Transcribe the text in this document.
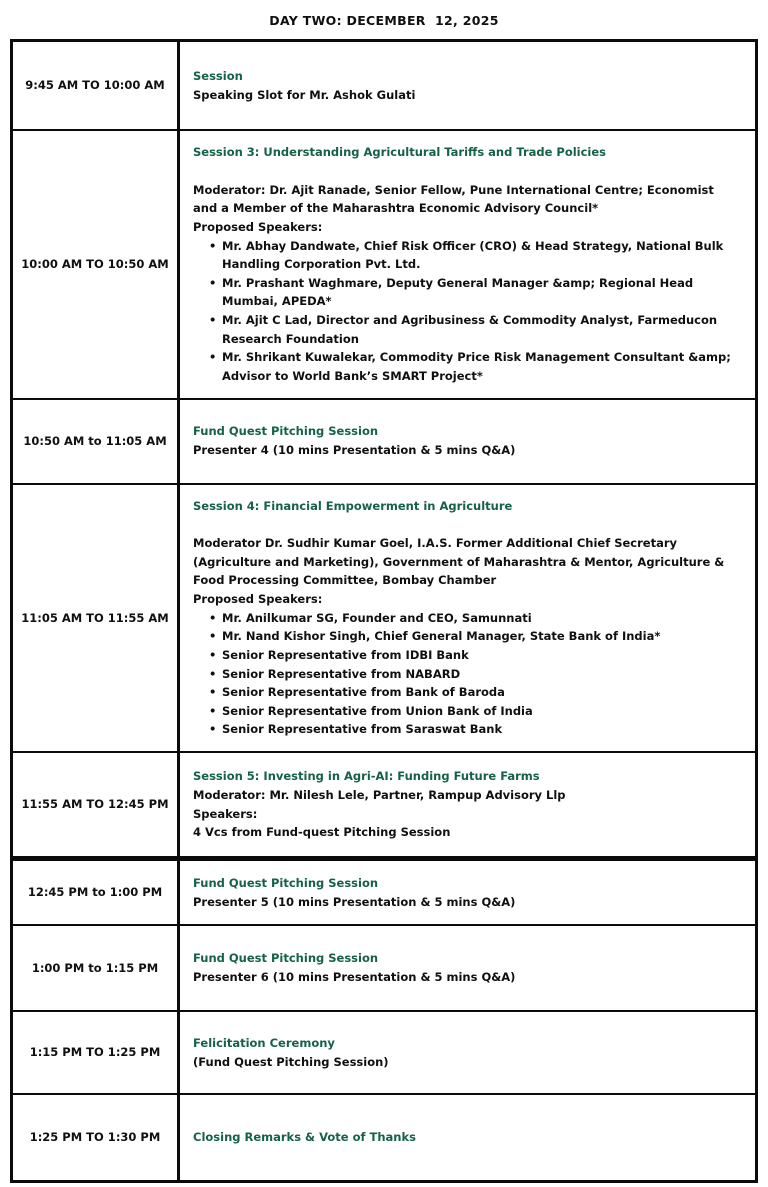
DAY TWO: DECEMBER  12, 2025
9:45 AM TO 10:00 AM
Session
Speaking Slot for Mr. Ashok Gulati
10:00 AM TO 10:50 AM
Session 3: Understanding Agricultural Tariffs and Trade Policies
Moderator: Dr. Ajit Ranade, Senior Fellow, Pune International Centre; Economist and a Member of the Maharashtra Economic Advisory Council*
Proposed Speakers:
• Mr. Abhay Dandwate, Chief Risk Officer (CRO) & Head Strategy, National Bulk Handling Corporation Pvt. Ltd.
• Mr. Prashant Waghmare, Deputy General Manager &amp; Regional Head Mumbai, APEDA*
• Mr. Ajit C Lad, Director and Agribusiness & Commodity Analyst, Farmeducon Research Foundation
• Mr. Shrikant Kuwalekar, Commodity Price Risk Management Consultant &amp; Advisor to World Bank’s SMART Project*
10:50 AM to 11:05 AM
Fund Quest Pitching Session
Presenter 4 (10 mins Presentation & 5 mins Q&A)
11:05 AM TO 11:55 AM
Session 4: Financial Empowerment in Agriculture
Moderator Dr. Sudhir Kumar Goel, I.A.S. Former Additional Chief Secretary (Agriculture and Marketing), Government of Maharashtra & Mentor, Agriculture & Food Processing Committee, Bombay Chamber
Proposed Speakers:
• Mr. Anilkumar SG, Founder and CEO, Samunnati
• Mr. Nand Kishor Singh, Chief General Manager, State Bank of India*
• Senior Representative from IDBI Bank
• Senior Representative from NABARD
• Senior Representative from Bank of Baroda
• Senior Representative from Union Bank of India
• Senior Representative from Saraswat Bank
11:55 AM TO 12:45 PM
Session 5: Investing in Agri-AI: Funding Future Farms
Moderator: Mr. Nilesh Lele, Partner, Rampup Advisory Llp
Speakers:
4 Vcs from Fund-quest Pitching Session
12:45 PM to 1:00 PM
Fund Quest Pitching Session
Presenter 5 (10 mins Presentation & 5 mins Q&A)
1:00 PM to 1:15 PM
Fund Quest Pitching Session
Presenter 6 (10 mins Presentation & 5 mins Q&A)
1:15 PM TO 1:25 PM
Felicitation Ceremony
(Fund Quest Pitching Session)
1:25 PM TO 1:30 PM	Closing Remarks & Vote of Thanks
